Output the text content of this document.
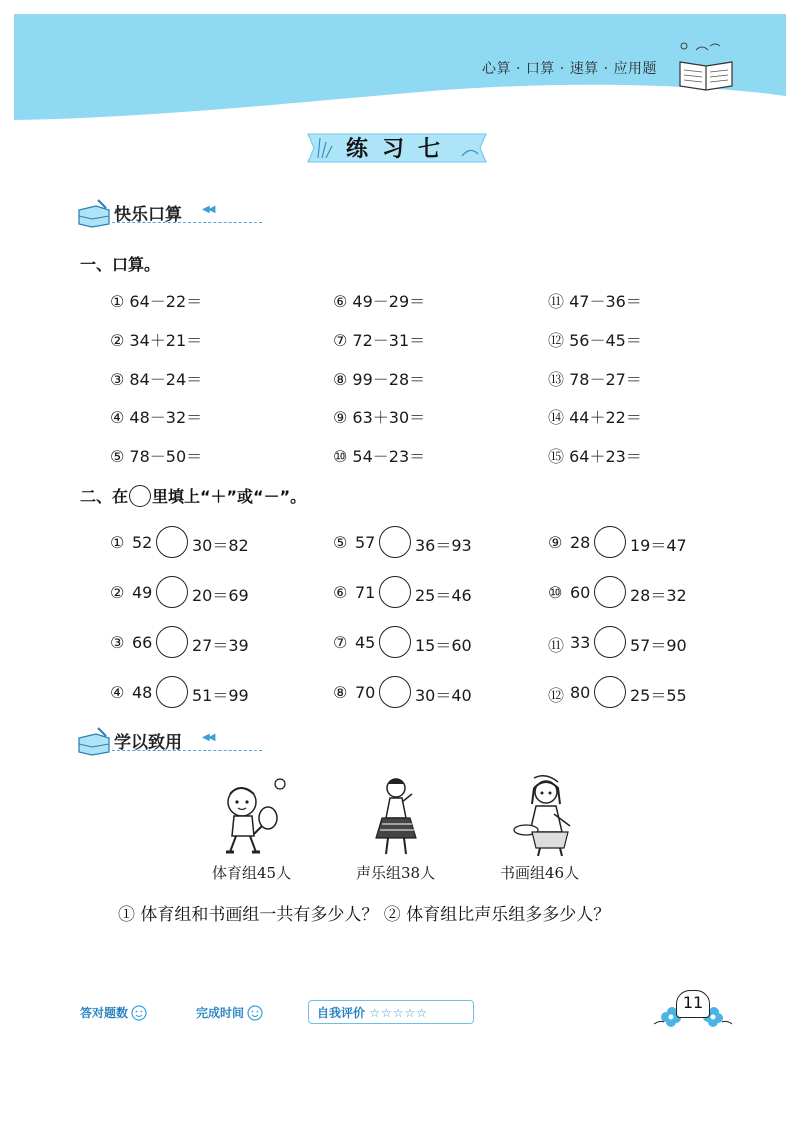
心算 · 口算 · 速算 · 应用题
练习七
快乐口算 ◀◀
一、口算。
① 64－22＝
② 34＋21＝
③ 84－24＝
④ 48－32＝
⑤ 78－50＝
⑥ 49－29＝
⑦ 72－31＝
⑧ 99－28＝
⑨ 63＋30＝
⑩ 54－23＝
⑪ 47－36＝
⑫ 56－45＝
⑬ 78－27＝
⑭ 44＋22＝
⑮ 64＋23＝
二、在 里填上“＋”或“－”。
① 52 30＝82
② 49 20＝69
③ 66 27＝39
④ 48 51＝99
⑤ 57 36＝93
⑥ 71 25＝46
⑦ 45 15＝60
⑧ 70 30＝40
⑨ 28 19＝47
⑩ 60 28＝32
⑪ 33 57＝90
⑫ 80 25＝55
学以致用 ◀◀
体育组45人	声乐组38人	书画组46人
① 体育组和书画组一共有多少人？ ② 体育组比声乐组多多少人？
答对题数	完成时间	自我评价 ☆☆☆☆☆
11
